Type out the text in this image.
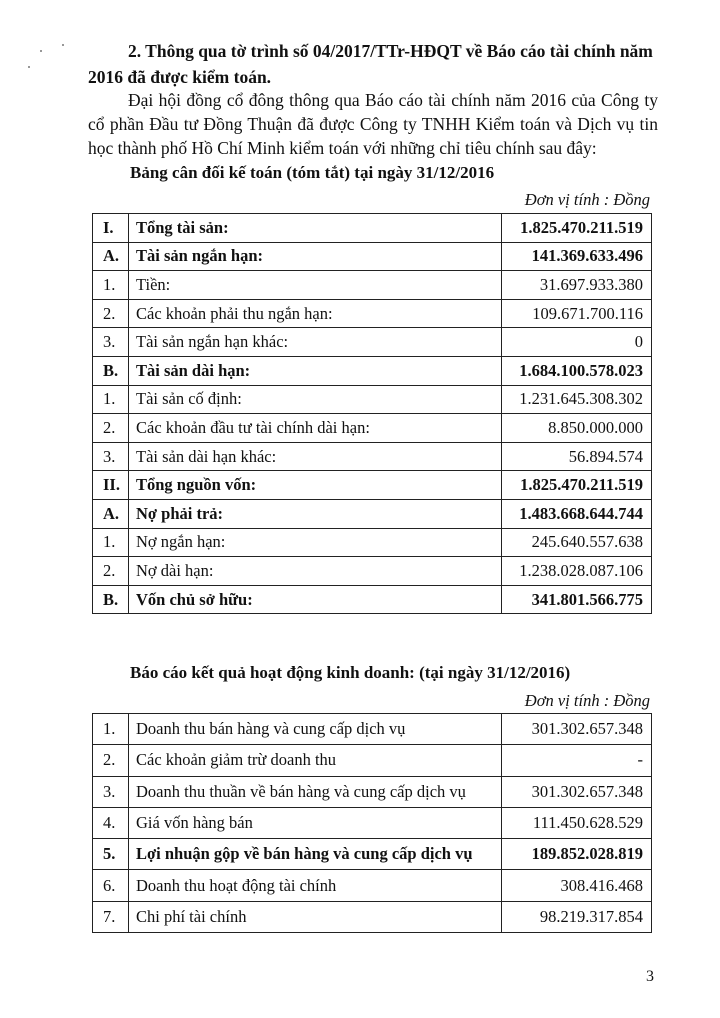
2. Thông qua tờ trình số 04/2017/TTr-HĐQT về Báo cáo tài chính năm 2016 đã được kiểm toán.

Đại hội đồng cổ đông thông qua Báo cáo tài chính năm 2016 của Công ty cổ phần Đầu tư Đồng Thuận đã được Công ty TNHH Kiểm toán và Dịch vụ tin học thành phố Hồ Chí Minh kiểm toán với những chỉ tiêu chính sau đây:

Bảng cân đối kế toán (tóm tắt) tại ngày 31/12/2016

Đơn vị tính : Đồng

I.	Tổng tài sản:	1.825.470.211.519
A.	Tài sản ngắn hạn:	141.369.633.496
1.	Tiền:	31.697.933.380
2.	Các khoản phải thu ngắn hạn:	109.671.700.116
3.	Tài sản ngắn hạn khác:	0
B.	Tài sản dài hạn:	1.684.100.578.023
1.	Tài sản cố định:	1.231.645.308.302
2.	Các khoản đầu tư tài chính dài hạn:	8.850.000.000
3.	Tài sản dài hạn khác:	56.894.574
II.	Tổng nguồn vốn:	1.825.470.211.519
A.	Nợ phải trả:	1.483.668.644.744
1.	Nợ ngắn hạn:	245.640.557.638
2.	Nợ dài hạn:	1.238.028.087.106
B.	Vốn chủ sở hữu:	341.801.566.775

Báo cáo kết quả hoạt động kinh doanh: (tại ngày 31/12/2016)

Đơn vị tính : Đồng

1.	Doanh thu bán hàng và cung cấp dịch vụ	301.302.657.348
2.	Các khoản giảm trừ doanh thu	-
3.	Doanh thu thuần về bán hàng và cung cấp dịch vụ	301.302.657.348
4.	Giá vốn hàng bán	111.450.628.529
5.	Lợi nhuận gộp về bán hàng và cung cấp dịch vụ	189.852.028.819
6.	Doanh thu hoạt động tài chính	308.416.468
7.	Chi phí tài chính	98.219.317.854

3
